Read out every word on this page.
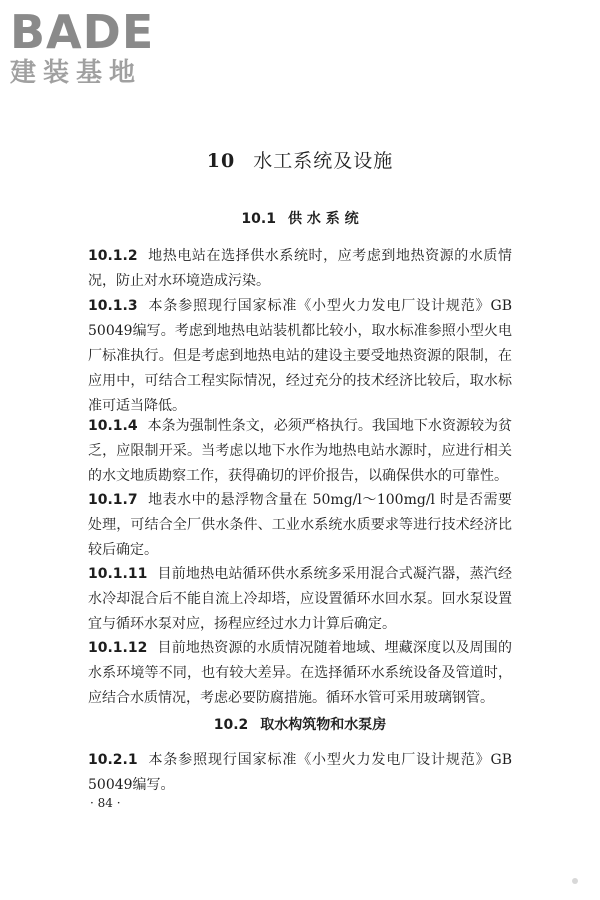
BADE
建装基地
10 水工系统及设施
10.1 供 水 系 统
10.1.2 地热电站在选择供水系统时，应考虑到地热资源的水质情况，防止对水环境造成污染。
10.1.3 本条参照现行国家标准《小型火力发电厂设计规范》GB 50049编写。考虑到地热电站装机都比较小，取水标准参照小型火电厂标准执行。但是考虑到地热电站的建设主要受地热资源的限制，在应用中，可结合工程实际情况，经过充分的技术经济比较后，取水标准可适当降低。
10.1.4 本条为强制性条文，必须严格执行。我国地下水资源较为贫乏，应限制开采。当考虑以地下水作为地热电站水源时，应进行相关的水文地质勘察工作，获得确切的评价报告，以确保供水的可靠性。
10.1.7 地表水中的悬浮物含量在 50mg/l～100mg/l 时是否需要处理，可结合全厂供水条件、工业水系统水质要求等进行技术经济比较后确定。
10.1.11 目前地热电站循环供水系统多采用混合式凝汽器，蒸汽经水冷却混合后不能自流上冷却塔，应设置循环水回水泵。回水泵设置宜与循环水泵对应，扬程应经过水力计算后确定。
10.1.12 目前地热资源的水质情况随着地域、埋藏深度以及周围的水系环境等不同，也有较大差异。在选择循环水系统设备及管道时，应结合水质情况，考虑必要防腐措施。循环水管可采用玻璃钢管。
10.2 取水构筑物和水泵房
10.2.1 本条参照现行国家标准《小型火力发电厂设计规范》GB 50049编写。
· 84 ·
